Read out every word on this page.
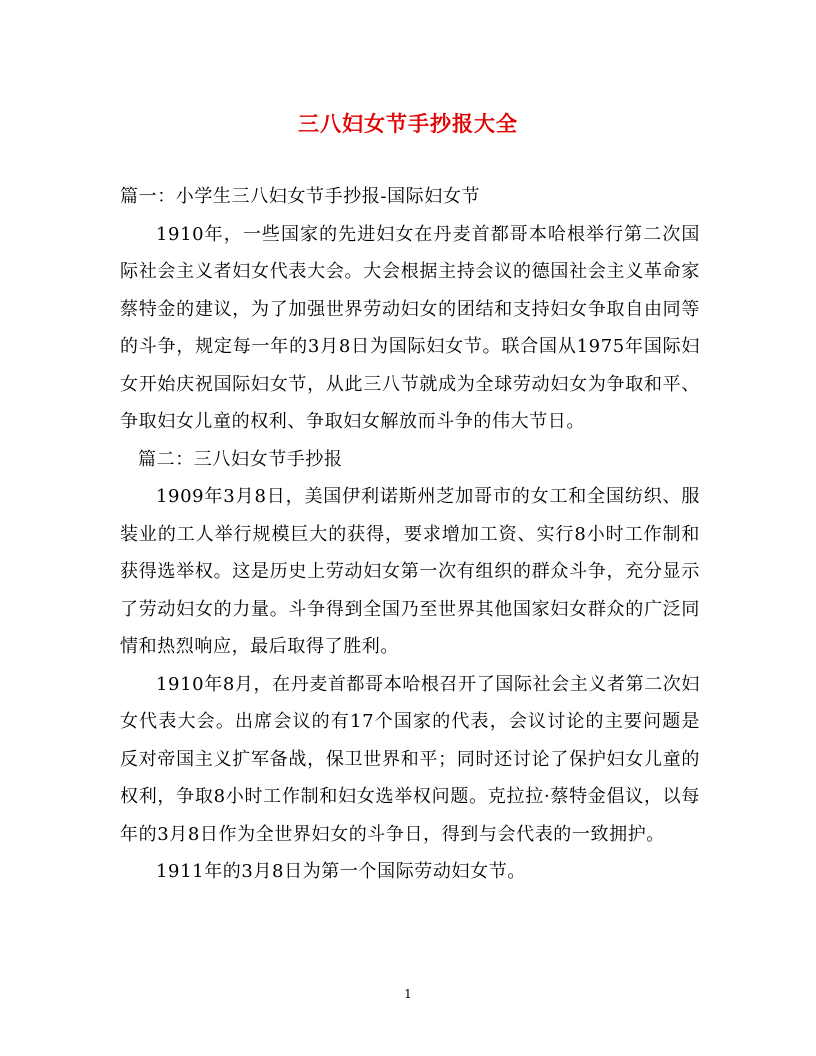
三八妇女节手抄报大全

篇一：小学生三八妇女节手抄报-国际妇女节

1910年，一些国家的先进妇女在丹麦首都哥本哈根举行第二次国际社会主义者妇女代表大会。大会根据主持会议的德国社会主义革命家蔡特金的建议，为了加强世界劳动妇女的团结和支持妇女争取自由同等的斗争，规定每一年的3月8日为国际妇女节。联合国从1975年国际妇女开始庆祝国际妇女节，从此三八节就成为全球劳动妇女为争取和平、争取妇女儿童的权利、争取妇女解放而斗争的伟大节日。

篇二：三八妇女节手抄报

1909年3月8日，美国伊利诺斯州芝加哥市的女工和全国纺织、服装业的工人举行规模巨大的获得，要求增加工资、实行8小时工作制和获得选举权。这是历史上劳动妇女第一次有组织的群众斗争，充分显示了劳动妇女的力量。斗争得到全国乃至世界其他国家妇女群众的广泛同情和热烈响应，最后取得了胜利。

1910年8月，在丹麦首都哥本哈根召开了国际社会主义者第二次妇女代表大会。出席会议的有17个国家的代表，会议讨论的主要问题是反对帝国主义扩军备战，保卫世界和平；同时还讨论了保护妇女儿童的权利，争取8小时工作制和妇女选举权问题。克拉拉·蔡特金倡议，以每年的3月8日作为全世界妇女的斗争日，得到与会代表的一致拥护。

1911年的3月8日为第一个国际劳动妇女节。

1
